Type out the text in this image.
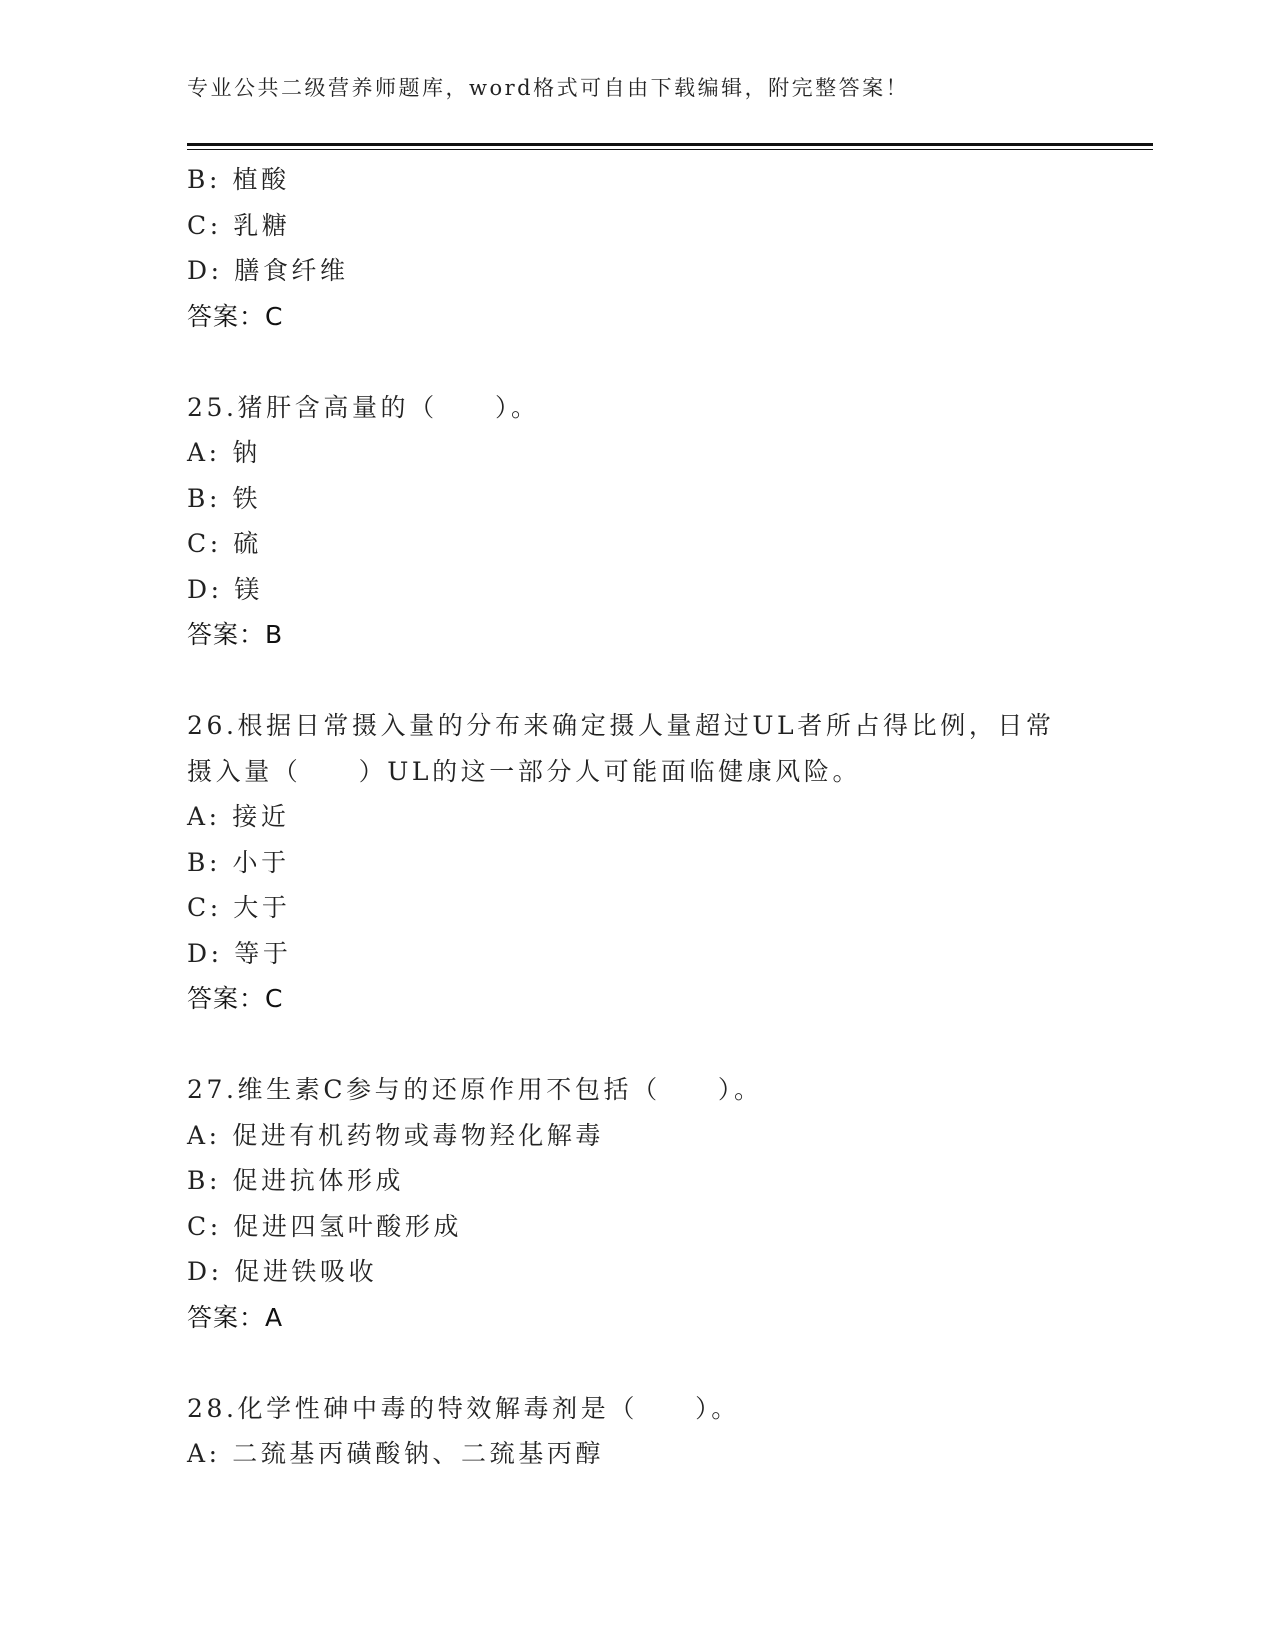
专业公共二级营养师题库，word格式可自由下载编辑，附完整答案！
B: 植酸
C: 乳糖
D: 膳食纤维
答案：C
25.猪肝含高量的（　　）。
A: 钠
B: 铁
C: 硫
D: 镁
答案：B
26.根据日常摄入量的分布来确定摄人量超过UL者所占得比例，日常
摄入量（　　）UL的这一部分人可能面临健康风险。
A: 接近
B: 小于
C: 大于
D: 等于
答案：C
27.维生素C参与的还原作用不包括（　　）。
A: 促进有机药物或毒物羟化解毒
B: 促进抗体形成
C: 促进四氢叶酸形成
D: 促进铁吸收
答案：A
28.化学性砷中毒的特效解毒剂是（　　）。
A: 二巯基丙磺酸钠、二巯基丙醇
